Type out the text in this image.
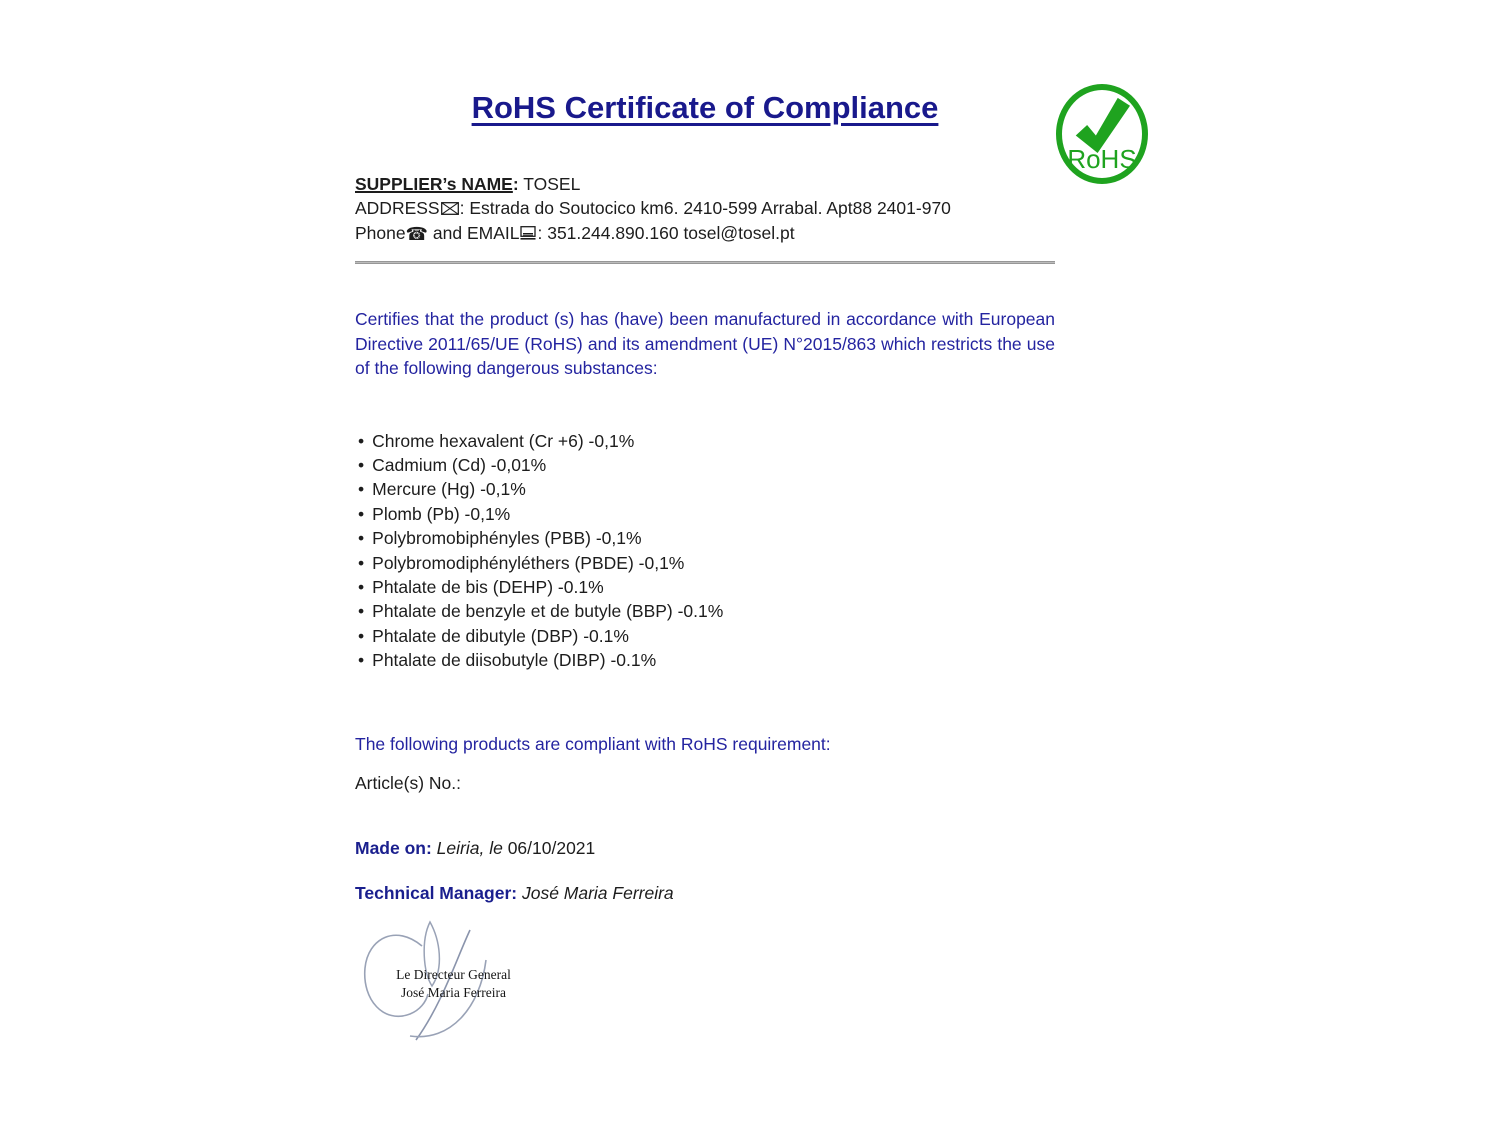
RoHS
RoHS Certificate of Compliance
SUPPLIER’s NAME: TOSEL
ADDRESS : Estrada do Soutocico km6. 2410-599 Arrabal. Apt88 2401-970
Phone☎ and EMAIL : 351.244.890.160 tosel@tosel.pt

Certifies that the product (s) has (have) been manufactured in accordance with European Directive 2011/65/UE (RoHS) and its amendment (UE) N°2015/863 which restricts the use of the following dangerous substances:

• Chrome hexavalent (Cr +6) -0,1%
• Cadmium (Cd) -0,01%
• Mercure (Hg) -0,1%
• Plomb (Pb) -0,1%
• Polybromobiphényles (PBB) -0,1%
• Polybromodiphényléthers (PBDE) -0,1%
• Phtalate de bis (DEHP) -0.1%
• Phtalate de benzyle et de butyle (BBP) -0.1%
• Phtalate de dibutyle (DBP) -0.1%
• Phtalate de diisobutyle (DIBP) -0.1%
The following products are compliant with RoHS requirement:
Article(s) No.:
Made on: Leiria, le 06/10/2021
Technical Manager: José Maria Ferreira
Le Directeur General
José Maria Ferreira
